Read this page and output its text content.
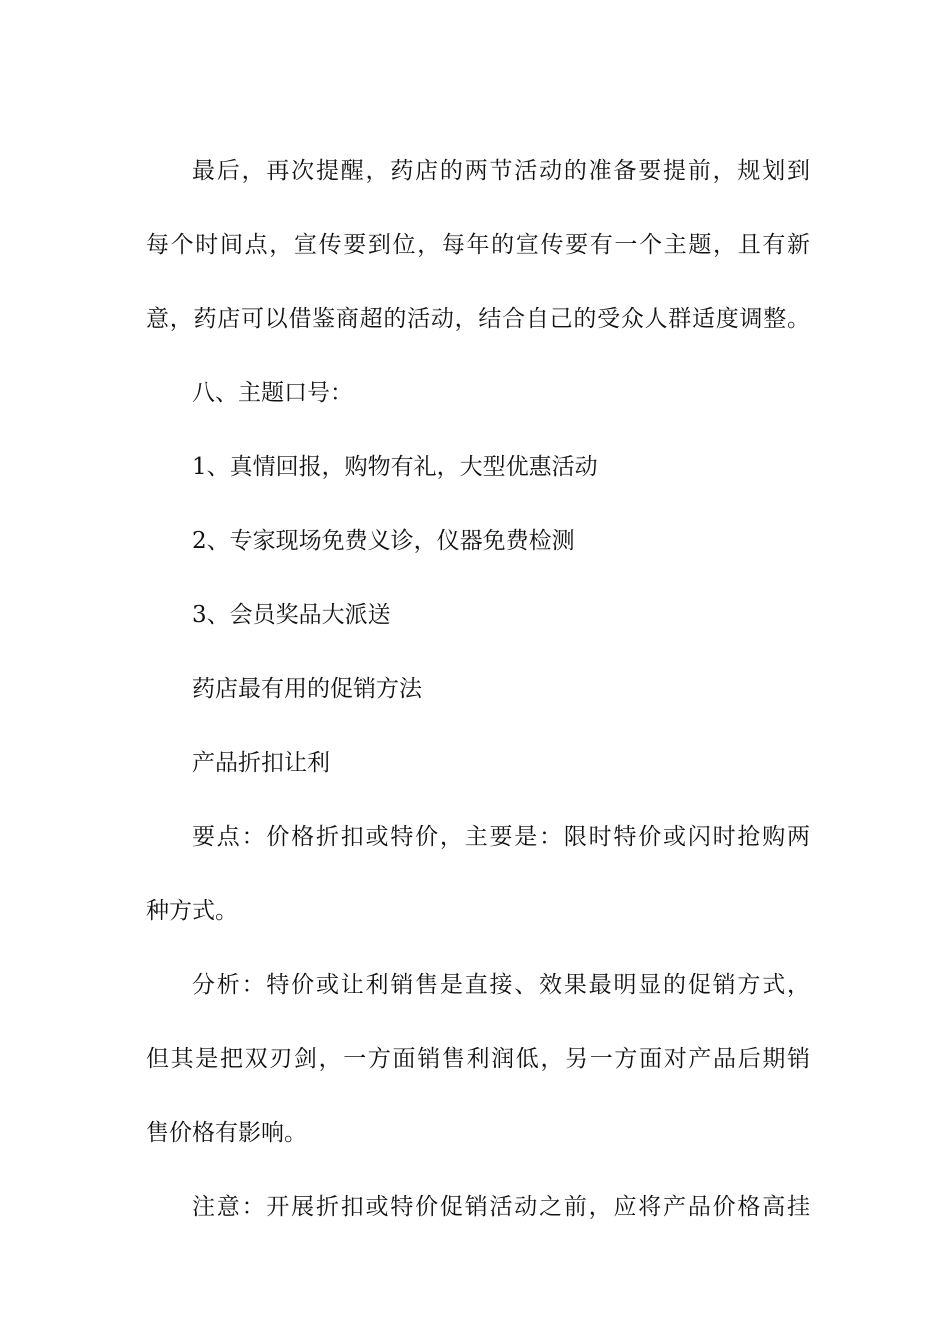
最后，再次提醒，药店的两节活动的准备要提前，规划到
每个时间点，宣传要到位，每年的宣传要有一个主题，且有新
意，药店可以借鉴商超的活动，结合自己的受众人群适度调整。

八、主题口号：
1、真情回报，购物有礼，大型优惠活动
2、专家现场免费义诊，仪器免费检测
3、会员奖品大派送
药店最有用的促销方法
产品折扣让利

要点：价格折扣或特价，主要是：限时特价或闪时抢购两
种方式。

分析：特价或让利销售是直接、效果最明显的促销方式，
但其是把双刃剑，一方面销售利润低，另一方面对产品后期销
售价格有影响。

注意：开展折扣或特价促销活动之前，应将产品价格高挂
